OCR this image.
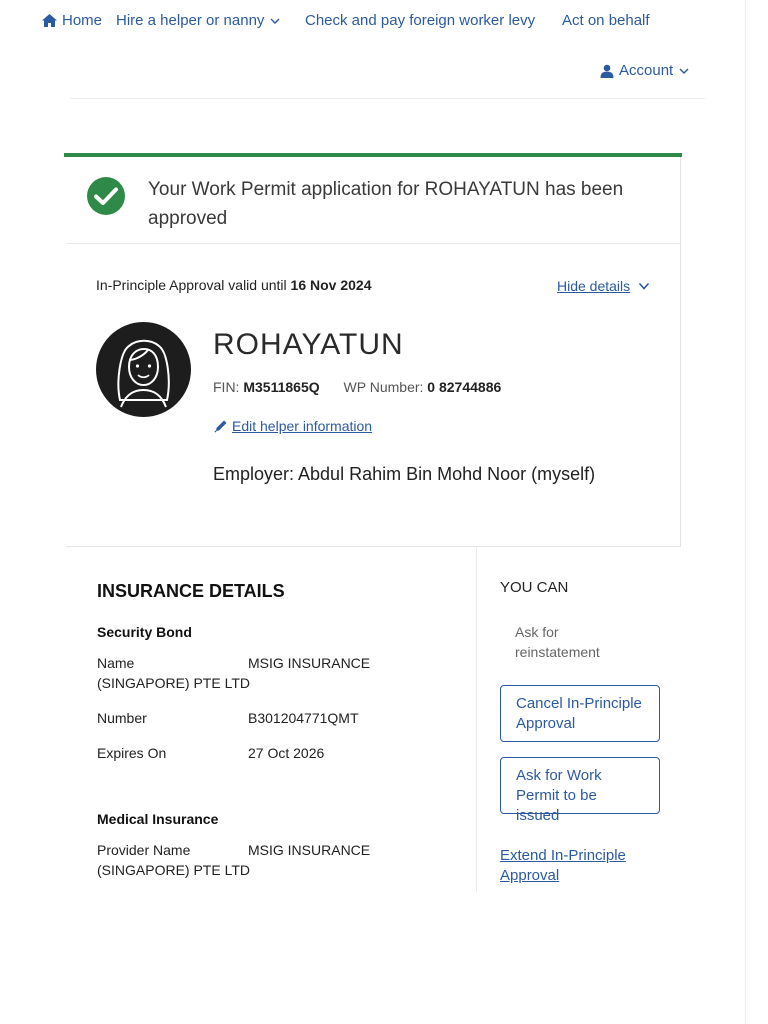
Home Hire a helper or nanny	Check and pay foreign worker levy Act on behalf
Account
Your Work Permit application for ROHAYATUN has been approved
In-Principle Approval valid until 16 Nov 2024	Hide details
ROHAYATUN
FIN: M3511865Q WP Number: 0 82744886
Edit helper information
Employer: Abdul Rahim Bin Mohd Noor (myself)
INSURANCE DETAILS
Security Bond
Name	MSIG INSURANCE
(SINGAPORE) PTE LTD
Number	B301204771QMT
Expires On	27 Oct 2026
Medical Insurance
Provider Name	MSIG INSURANCE
(SINGAPORE) PTE LTD
YOU CAN
Ask for reinstatement
Cancel In-Principle Approval
Ask for Work Permit to be issued
Extend In-Principle Approval
